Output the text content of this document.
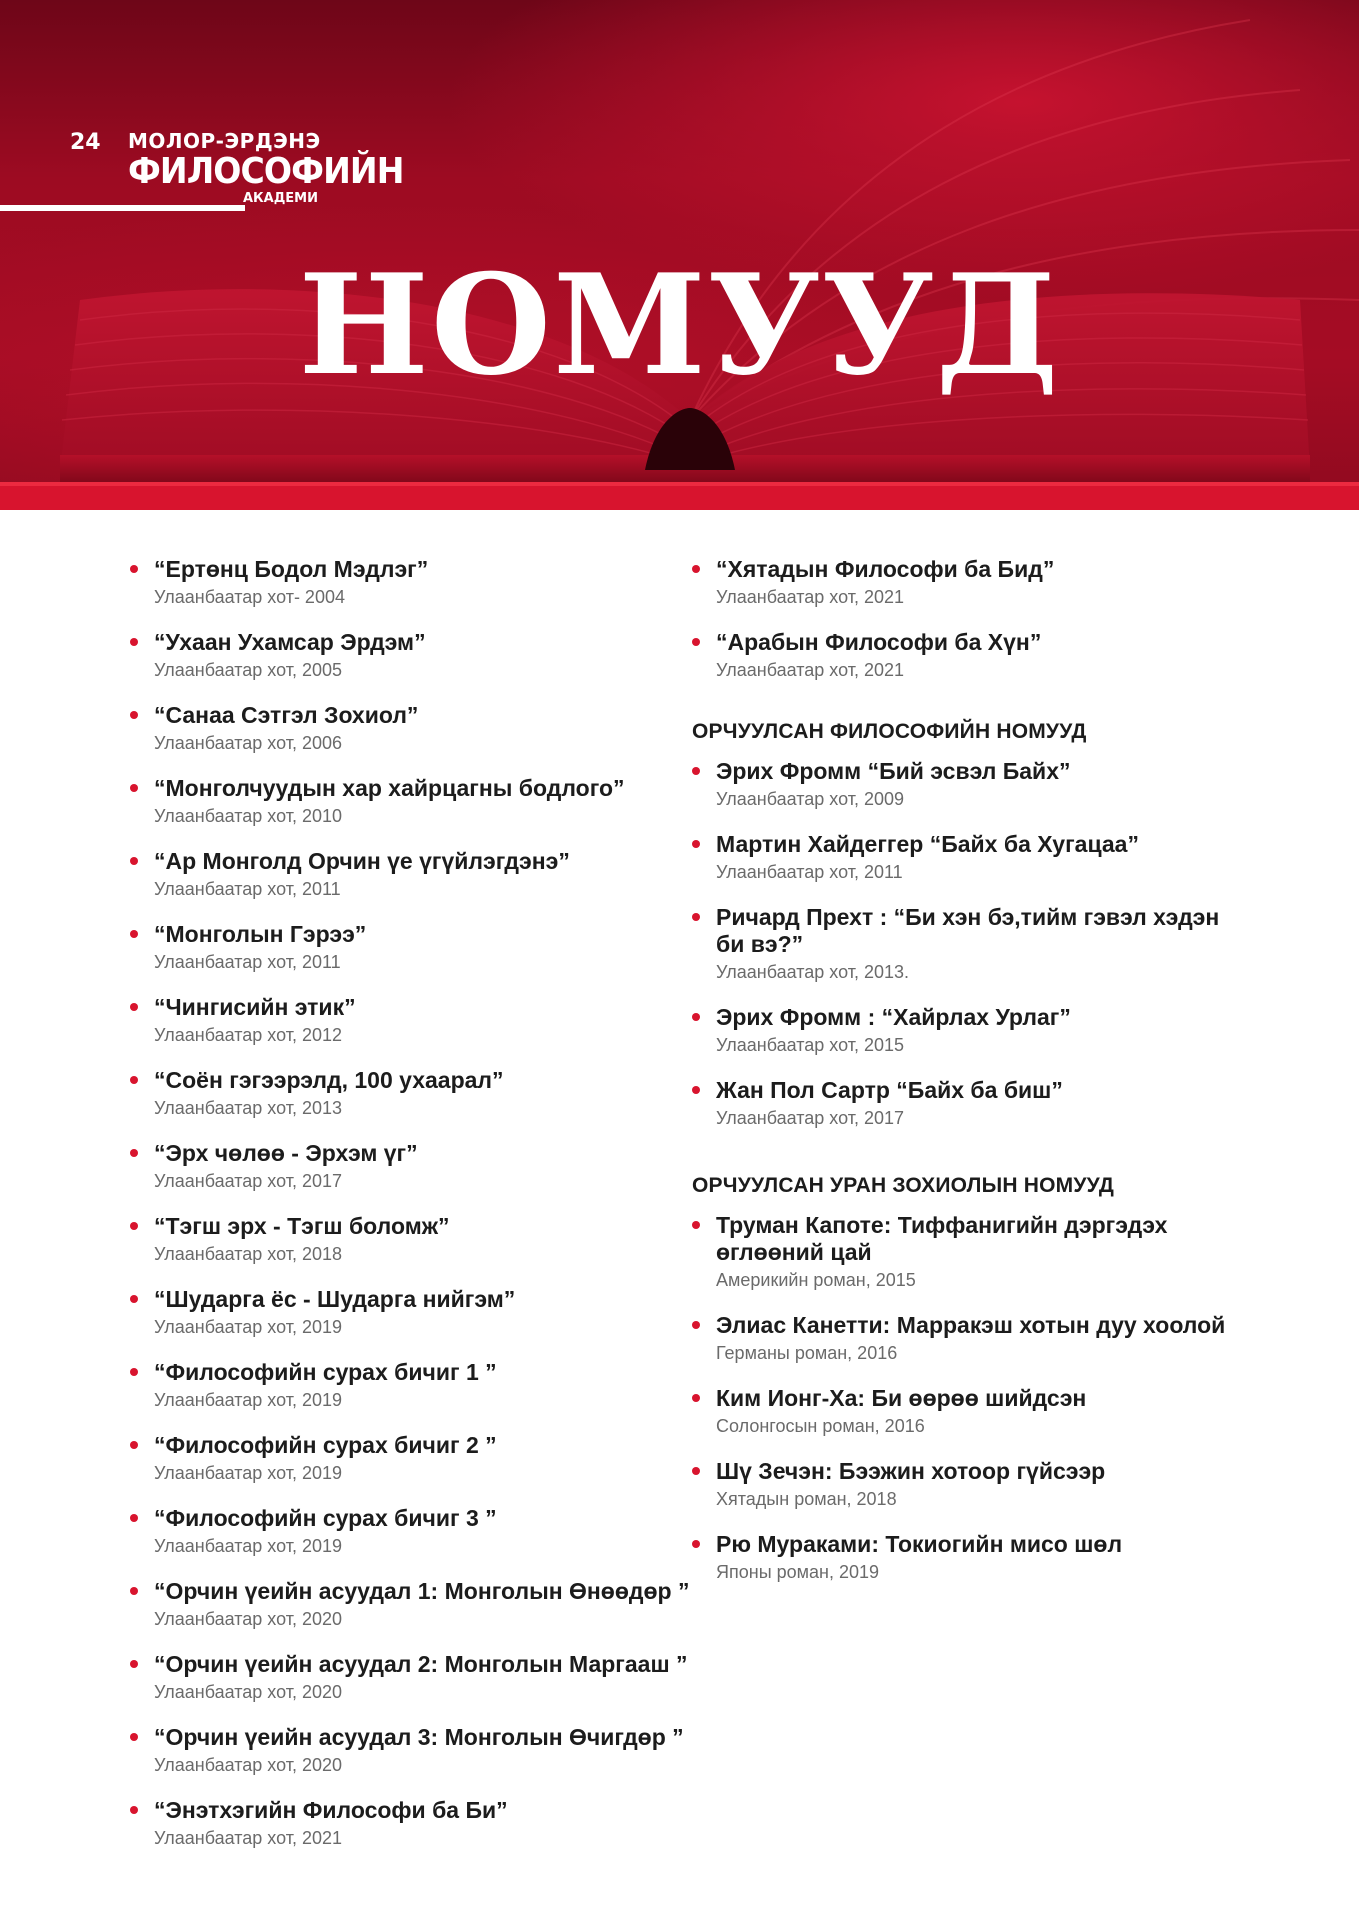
24 МОЛОР-ЭРДЭНЭ
ФИЛОСОФИЙН
АКАДЕМИ
НОМУУД
“Ертөнц Бодол Мэдлэг”
Улаанбаатар хот- 2004
“Ухаан Ухамсар Эрдэм”
Улаанбаатар хот, 2005
“Санаа Сэтгэл Зохиол”
Улаанбаатар хот, 2006
“Монголчуудын хар хайрцагны бодлого”
Улаанбаатар хот, 2010
“Ар Монголд Орчин үе үгүйлэгдэнэ”
Улаанбаатар хот, 2011
“Монголын Гэрээ”
Улаанбаатар хот, 2011
“Чингисийн этик”
Улаанбаатар хот, 2012
“Соён гэгээрэлд, 100 ухаарал”
Улаанбаатар хот, 2013
“Эрх чөлөө - Эрхэм үг”
Улаанбаатар хот, 2017
“Тэгш эрх - Тэгш боломж”
Улаанбаатар хот, 2018
“Шударга ёс - Шударга нийгэм”
Улаанбаатар хот, 2019
“Философийн сурах бичиг 1 ”
Улаанбаатар хот, 2019
“Философийн сурах бичиг 2 ”
Улаанбаатар хот, 2019
“Философийн сурах бичиг 3 ”
Улаанбаатар хот, 2019
“Орчин үеийн асуудал 1: Монголын Өнөөдөр ”
Улаанбаатар хот, 2020
“Орчин үеийн асуудал 2: Монголын Маргааш ”
Улаанбаатар хот, 2020
“Орчин үеийн асуудал 3: Монголын Өчигдөр ”
Улаанбаатар хот, 2020
“Энэтхэгийн Философи ба Би”
Улаанбаатар хот, 2021
“Хятадын Философи ба Бид”
Улаанбаатар хот, 2021
“Арабын Философи ба Хүн”
Улаанбаатар хот, 2021
ОРЧУУЛСАН ФИЛОСОФИЙН НОМУУД
Эрих Фромм “Бий эсвэл Байх”
Улаанбаатар хот, 2009
Мартин Хайдеггер “Байх ба Хугацаа”
Улаанбаатар хот, 2011
Ричард Прехт : “Би хэн бэ,тийм гэвэл хэдэн би вэ?”
Улаанбаатар хот, 2013.
Эрих Фромм : “Хайрлах Урлаг”
Улаанбаатар хот, 2015
Жан Пол Сартр “Байх ба биш”
Улаанбаатар хот, 2017
ОРЧУУЛСАН УРАН ЗОХИОЛЫН НОМУУД
Труман Капоте: Тиффанигийн дэргэдэх өглөөний цай
Америкийн роман, 2015
Элиас Канетти: Марракэш хотын дуу хоолой
Германы роман, 2016
Ким Ионг-Ха: Би өөрөө шийдсэн
Солонгосын роман, 2016
Шү Зечэн: Бээжин хотоор гүйсээр
Хятадын роман, 2018
Рю Мураками: Токиогийн мисо шөл
Японы роман, 2019
